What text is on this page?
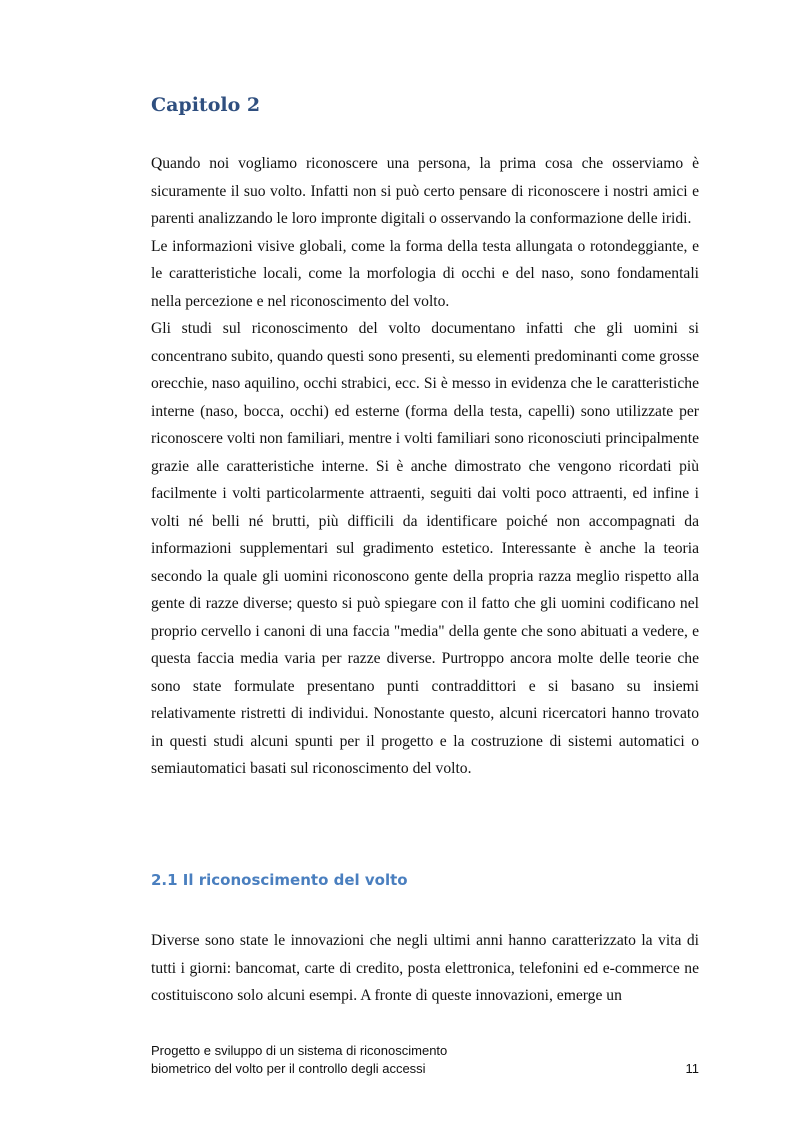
Capitolo 2

Quando noi vogliamo riconoscere una persona, la prima cosa che osserviamo è sicuramente il suo volto. Infatti non si può certo pensare di riconoscere i nostri amici e parenti analizzando le loro impronte digitali o osservando la conformazione delle iridi.

Le informazioni visive globali, come la forma della testa allungata o rotondeggiante, e le caratteristiche locali, come la morfologia di occhi e del naso, sono fondamentali nella percezione e nel riconoscimento del volto.

Gli studi sul riconoscimento del volto documentano infatti che gli uomini si concentrano subito, quando questi sono presenti, su elementi predominanti come grosse orecchie, naso aquilino, occhi strabici, ecc. Si è messo in evidenza che le caratteristiche interne (naso, bocca, occhi) ed esterne (forma della testa, capelli) sono utilizzate per riconoscere volti non familiari, mentre i volti familiari sono riconosciuti principalmente grazie alle caratteristiche interne. Si è anche dimostrato che vengono ricordati più facilmente i volti particolarmente attraenti, seguiti dai volti poco attraenti, ed infine i volti né belli né brutti, più difficili da identificare poiché non accompagnati da informazioni supplementari sul gradimento estetico. Interessante è anche la teoria secondo la quale gli uomini riconoscono gente della propria razza meglio rispetto alla gente di razze diverse; questo si può spiegare con il fatto che gli uomini codificano nel proprio cervello i canoni di una faccia "media" della gente che sono abituati a vedere, e questa faccia media varia per razze diverse. Purtroppo ancora molte delle teorie che sono state formulate presentano punti contraddittori e si basano su insiemi relativamente ristretti di individui. Nonostante questo, alcuni ricercatori hanno trovato in questi studi alcuni spunti per il progetto e la costruzione di sistemi automatici o semiautomatici basati sul riconoscimento del volto.

2.1 Il riconoscimento del volto

Diverse sono state le innovazioni che negli ultimi anni hanno caratterizzato la vita di tutti i giorni: bancomat, carte di credito, posta elettronica, telefonini ed e-commerce ne costituiscono solo alcuni esempi. A fronte di queste innovazioni, emerge un

Progetto e sviluppo di un sistema di riconoscimento
biometrico del volto per il controllo degli accessi	11
